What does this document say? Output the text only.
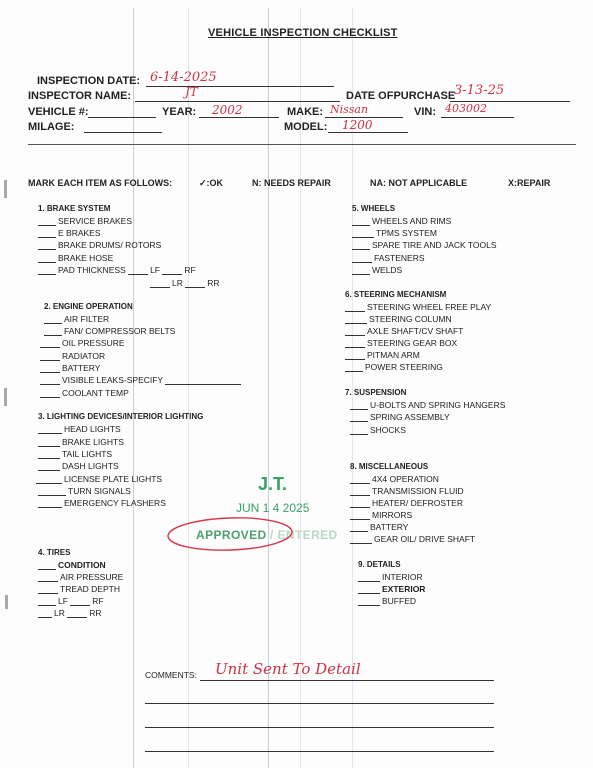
VEHICLE INSPECTION CHECKLIST
INSPECTION DATE: 6-14-2025
INSPECTOR NAME:	JT	DATE OFPURCHASE
3-13-25
VEHICLE #:	YEAR: 2002	MAKE: Nissan	VIN: 403002
MILAGE:	MODEL: 1200
MARK EACH ITEM AS FOLLOWS:	✓:OK	N: NEEDS REPAIR	NA: NOT APPLICABLE	X:REPAIR
1. BRAKE SYSTEM
SERVICE BRAKES
E BRAKES
BRAKE DRUMS/ ROTORS
BRAKE HOSE
PAD THICKNESS	LF	RF
LR	RR
2. ENGINE OPERATION
AIR FILTER
FAN/ COMPRESSOR BELTS
OIL PRESSURE
RADIATOR
BATTERY
VISIBLE LEAKS-SPECIFY
COOLANT TEMP
3. LIGHTING DEVICES/INTERIOR LIGHTING
HEAD LIGHTS
BRAKE LIGHTS
TAIL LIGHTS
DASH LIGHTS
LICENSE PLATE LIGHTS
TURN SIGNALS
EMERGENCY FLASHERS
4. TIRES
CONDITION
AIR PRESSURE
TREAD DEPTH
LF	RF
LR	RR
5. WHEELS
WHEELS AND RIMS
TPMS SYSTEM
SPARE TIRE AND JACK TOOLS
FASTENERS
WELDS
6. STEERING MECHANISM
STEERING WHEEL FREE PLAY
STEERING COLUMN
AXLE SHAFT/CV SHAFT
STEERING GEAR BOX
PITMAN ARM
POWER STEERING
7. SUSPENSION
U-BOLTS AND SPRING HANGERS
SPRING ASSEMBLY
SHOCKS
8. MISCELLANEOUS
4X4 OPERATION
TRANSMISSION FLUID
HEATER/ DEFROSTER
MIRRORS
BATTERY
GEAR OIL/ DRIVE SHAFT
9. DETAILS
INTERIOR
EXTERIOR
BUFFED
J.T.
JUN 1 4 2025
APPROVED / ENTERED
COMMENTS: Unit Sent To Detail
